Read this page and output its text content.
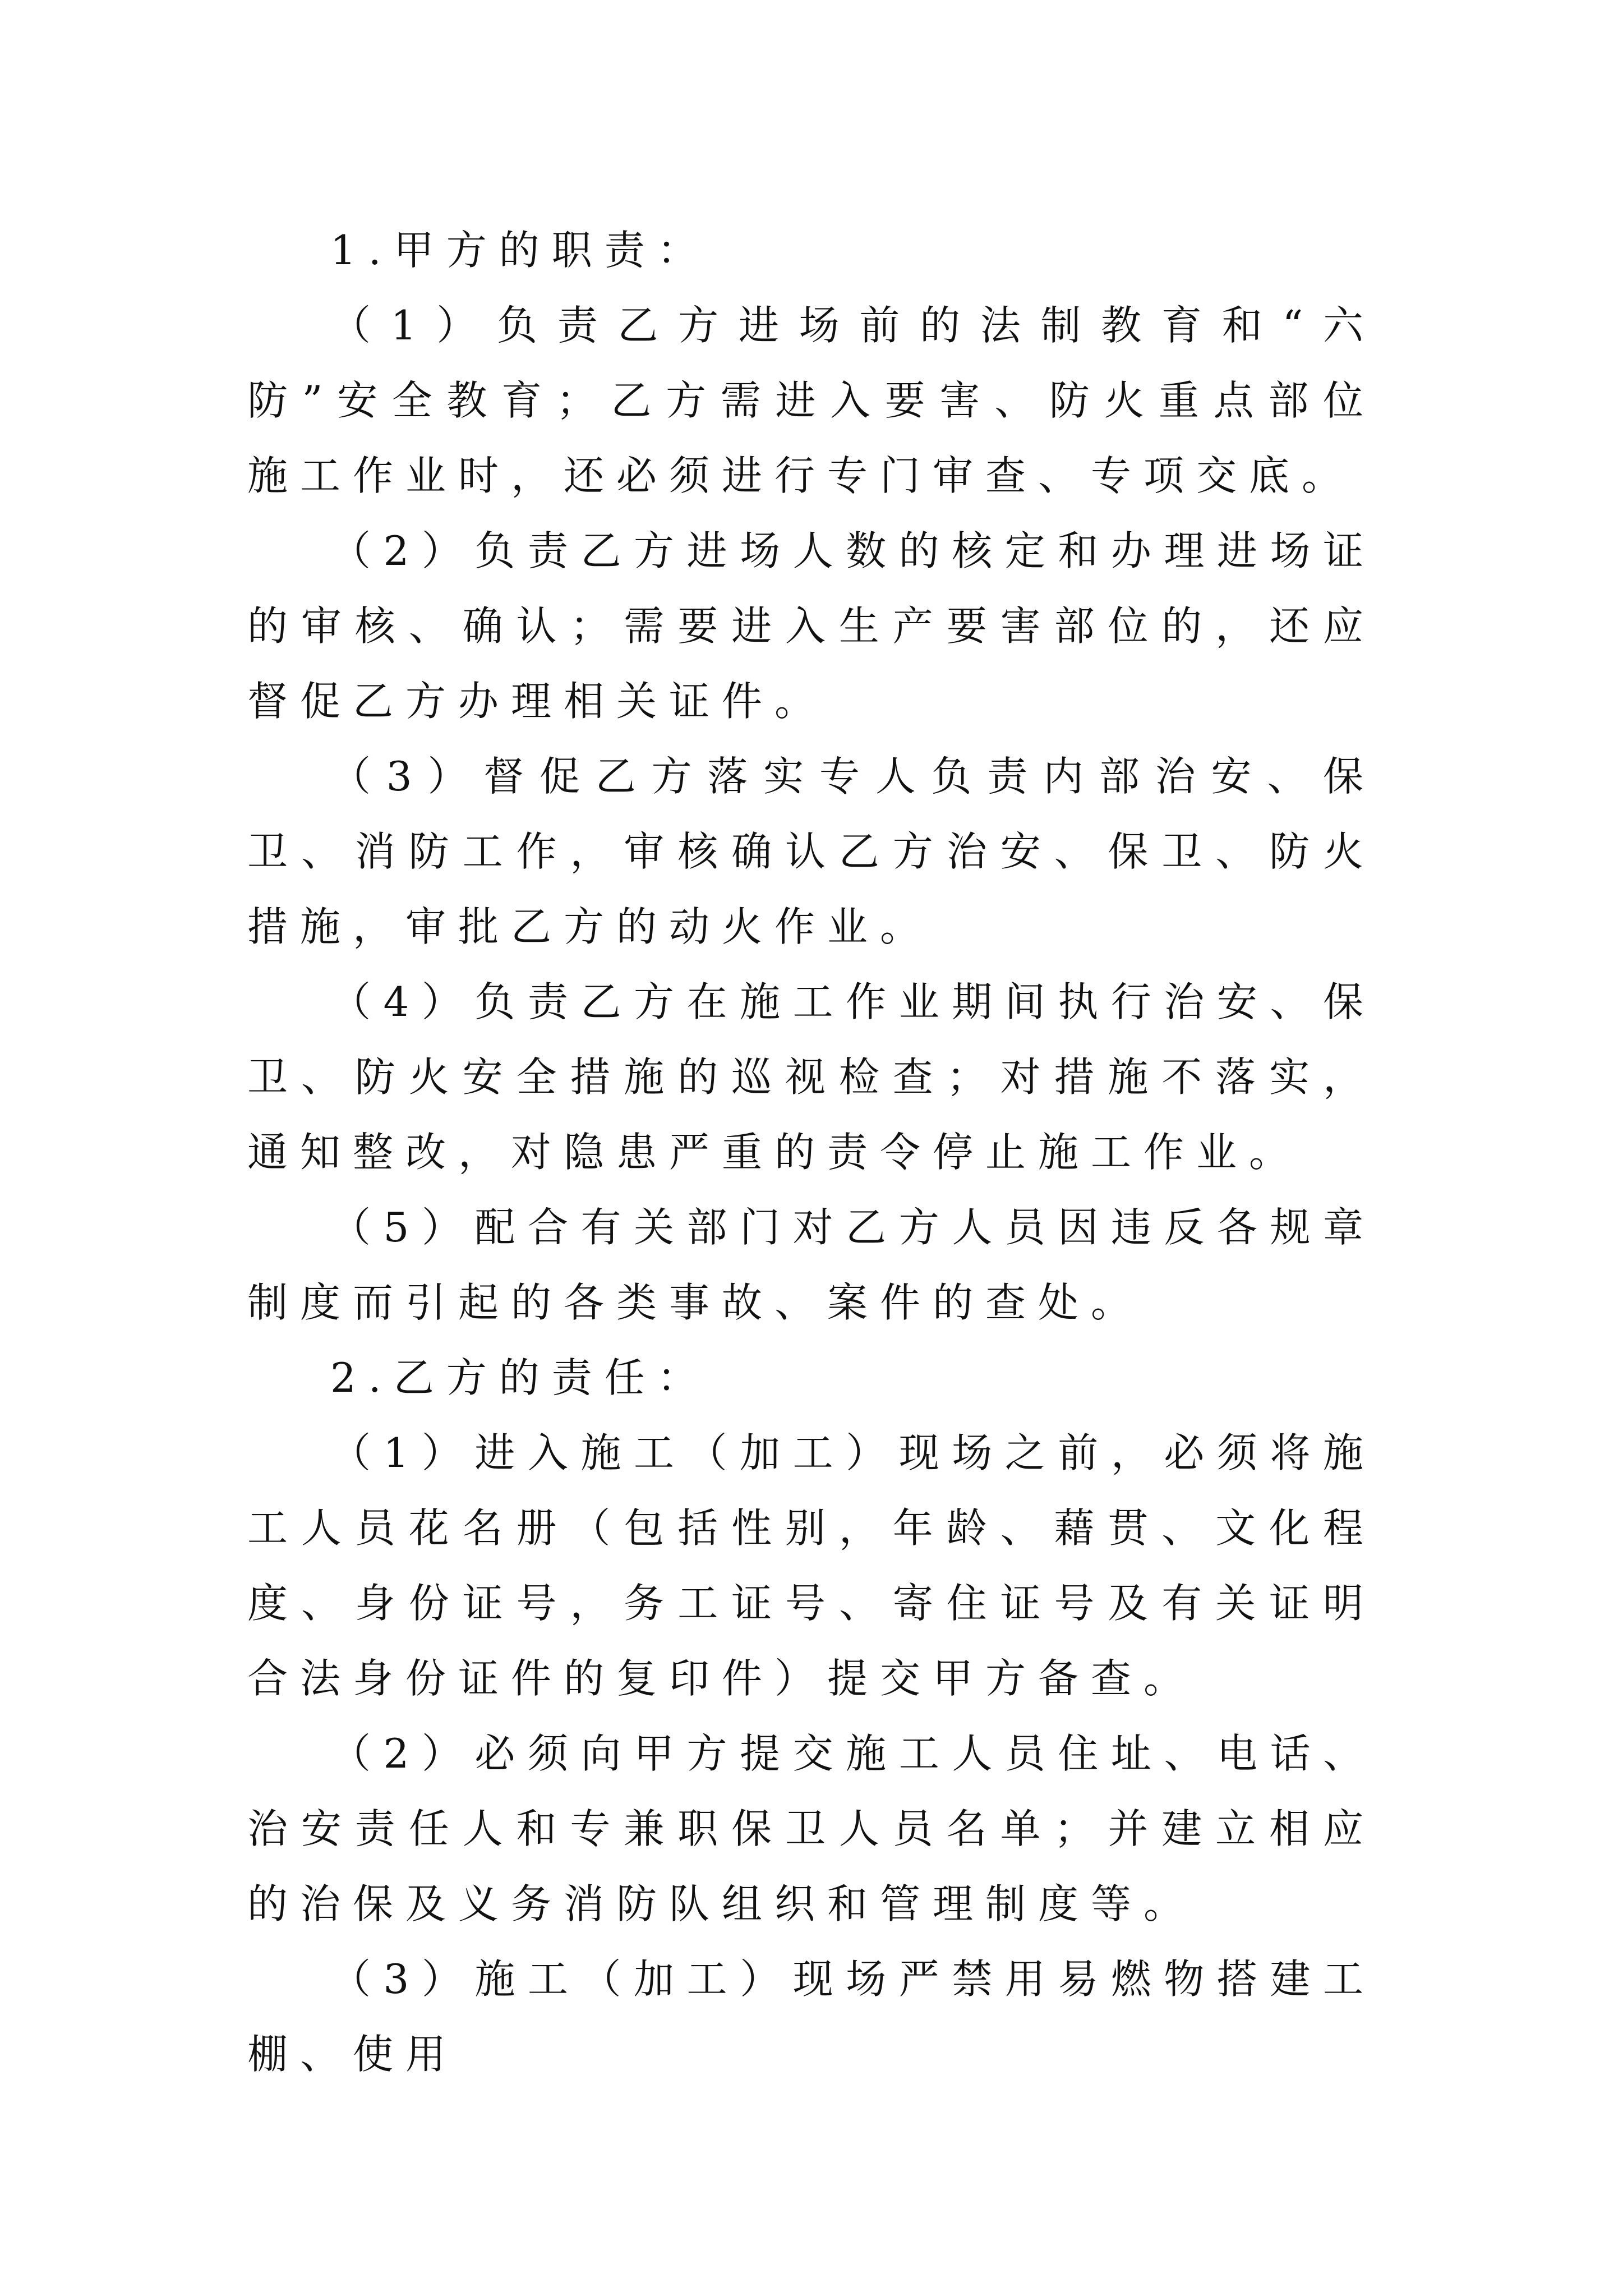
1.甲方的职责：

（1）负责乙方进场前的法制教育和“六防”安全教育；乙方需进入要害、防火重点部位施工作业时，还必须进行专门审查、专项交底。

（2）负责乙方进场人数的核定和办理进场证的审核、确认；需要进入生产要害部位的，还应督促乙方办理相关证件。

（3）督促乙方落实专人负责内部治安、保卫、消防工作，审核确认乙方治安、保卫、防火措施，审批乙方的动火作业。

（4）负责乙方在施工作业期间执行治安、保卫、防火安全措施的巡视检查；对措施不落实，通知整改，对隐患严重的责令停止施工作业。

（5）配合有关部门对乙方人员因违反各规章制度而引起的各类事故、案件的查处。

2.乙方的责任：

（1）进入施工（加工）现场之前，必须将施工人员花名册（包括性别，年龄、藉贯、文化程度、身份证号，务工证号、寄住证号及有关证明合法身份证件的复印件）提交甲方备查。

（2）必须向甲方提交施工人员住址、电话、治安责任人和专兼职保卫人员名单；并建立相应的治保及义务消防队组织和管理制度等。

（3）施工（加工）现场严禁用易燃物搭建工棚、使用
